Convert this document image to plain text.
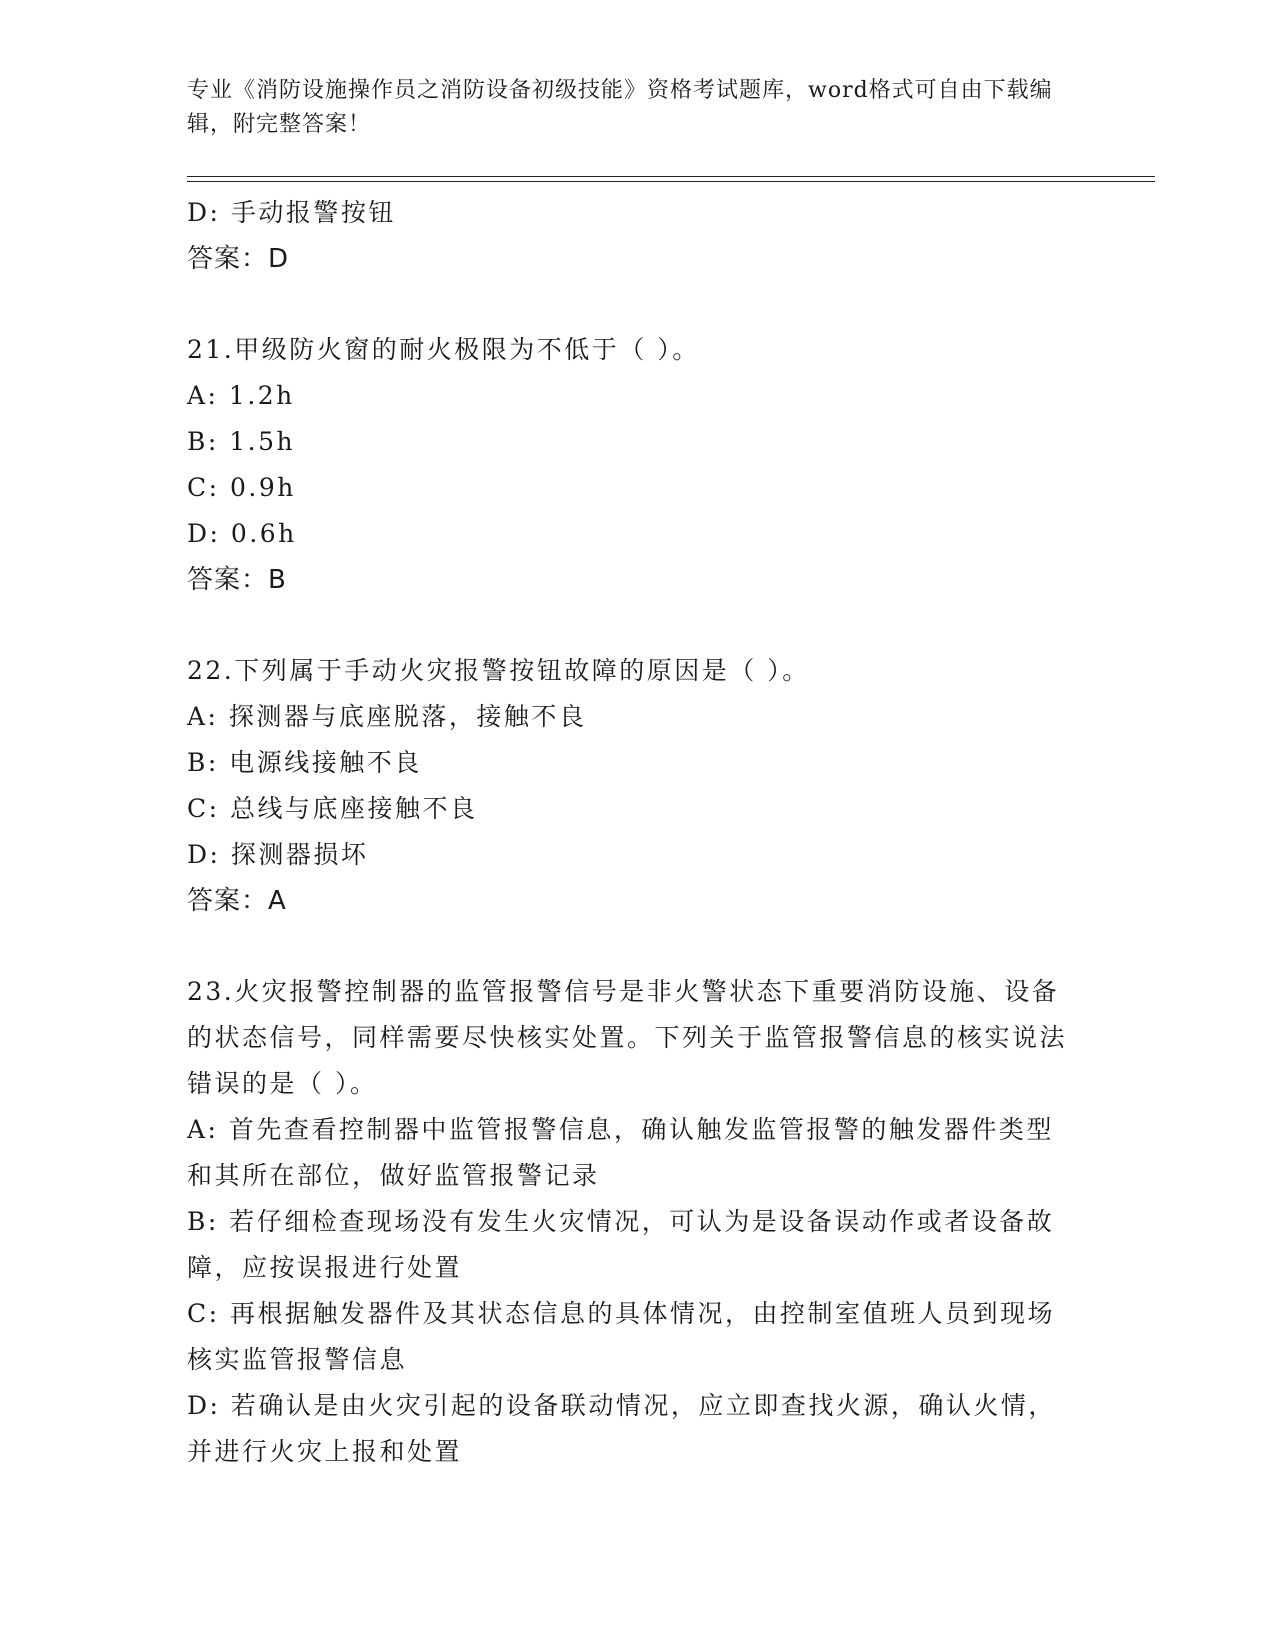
专业《消防设施操作员之消防设备初级技能》资格考试题库，word格式可自由下载编辑，附完整答案！
D: 手动报警按钮
答案：D
21.甲级防火窗的耐火极限为不低于（ ）。
A: 1.2h
B: 1.5h
C: 0.9h
D: 0.6h
答案：B
22.下列属于手动火灾报警按钮故障的原因是（ ）。
A: 探测器与底座脱落，接触不良
B: 电源线接触不良
C: 总线与底座接触不良
D: 探测器损坏
答案：A
23.火灾报警控制器的监管报警信号是非火警状态下重要消防设施、设备的状态信号，同样需要尽快核实处置。下列关于监管报警信息的核实说法错误的是（ ）。
A: 首先查看控制器中监管报警信息，确认触发监管报警的触发器件类型和其所在部位，做好监管报警记录
B: 若仔细检查现场没有发生火灾情况，可认为是设备误动作或者设备故障，应按误报进行处置
C: 再根据触发器件及其状态信息的具体情况，由控制室值班人员到现场核实监管报警信息
D: 若确认是由火灾引起的设备联动情况，应立即查找火源，确认火情，并进行火灾上报和处置
